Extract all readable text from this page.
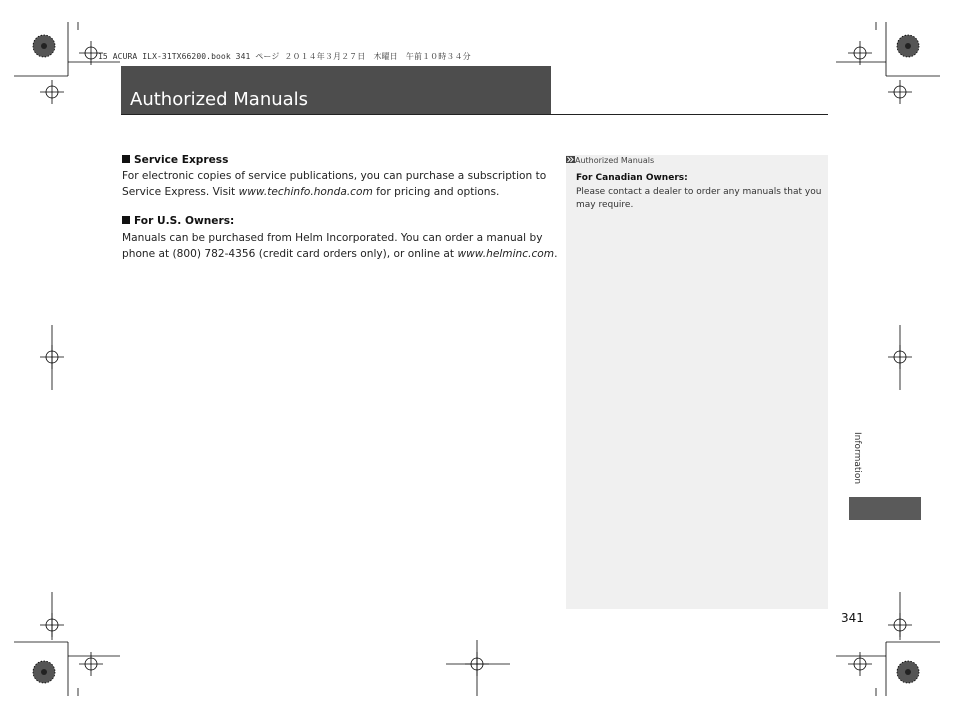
15 ACURA ILX-31TX66200.book 341 ページ ２０１４年３月２７日　木曜日　午前１０時３４分
Authorized Manuals
Service Express
For electronic copies of service publications, you can purchase a subscription to
Service Express. Visit www.techinfo.honda.com for pricing and options.
For U.S. Owners:
Manuals can be purchased from Helm Incorporated. You can order a manual by
phone at (800) 782-4356 (credit card orders only), or online at www.helminc.com.
Authorized Manuals
For Canadian Owners:
Please contact a dealer to order any manuals that you
may require.
Information
341
